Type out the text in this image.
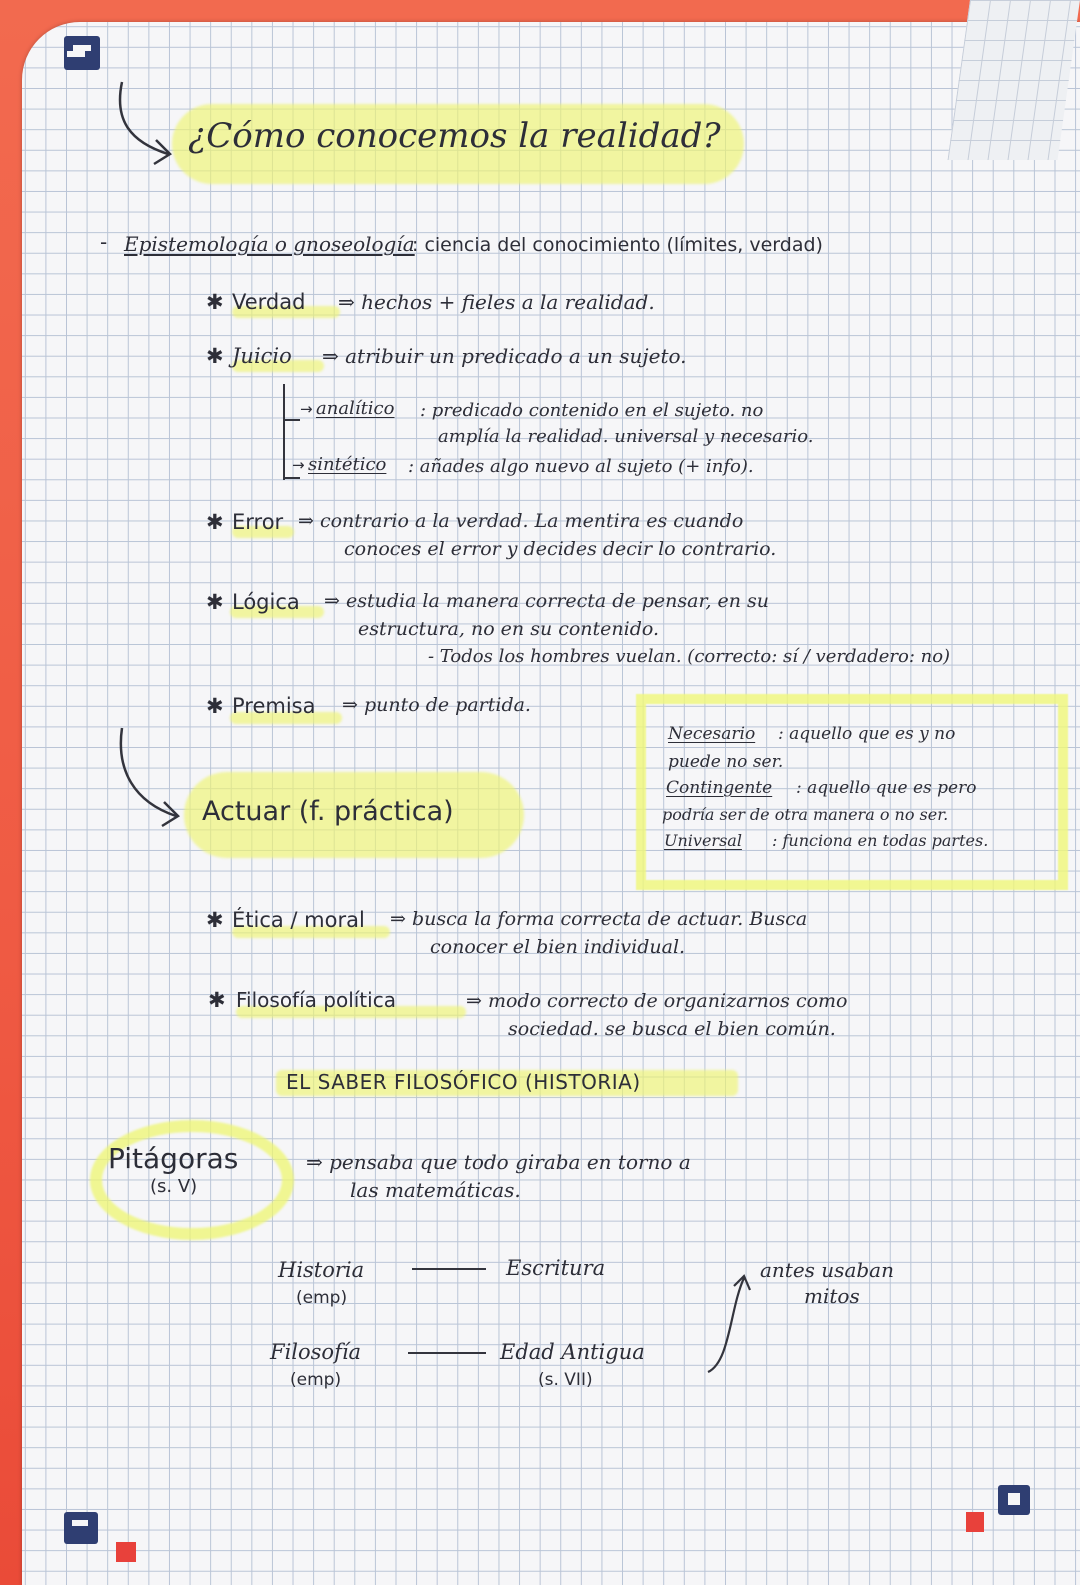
¿Cómo conocemos la realidad?
- Epistemología o gnoseología
: ciencia del conocimiento (límites, verdad)
✱ Verdad ⇒ hechos + fieles a la realidad.
✱ Juicio ⇒ atribuir un predicado a un sujeto.
→ analítico : predicado contenido en el sujeto. no
amplía la realidad. universal y necesario.
→ sintético : añades algo nuevo al sujeto (+ info).
✱ Error ⇒ contrario a la verdad. La mentira es cuando
conoces el error y decides decir lo contrario.
✱ Lógica ⇒ estudia la manera correcta de pensar, en su
estructura, no en su contenido.
- Todos los hombres vuelan. (correcto: sí / verdadero: no)
✱ Premisa ⇒ punto de partida.
Actuar (f. práctica)
Necesario : aquello que es y no
puede no ser.
Contingente : aquello que es pero
podría ser de otra manera o no ser.
Universal : funciona en todas partes.
✱ Ética / moral ⇒ busca la forma correcta de actuar. Busca
conocer el bien individual.
✱ Filosofía política	⇒ modo correcto de organizarnos como
sociedad. se busca el bien común.
EL SABER FILOSÓFICO (HISTORIA)
Pitágoras
(s. V)
⇒ pensaba que todo giraba en torno a
las matemáticas.
Historia
(emp)
Escritura
Filosofía
(emp)
Edad Antigua
(s. VII)
antes usaban
mitos
